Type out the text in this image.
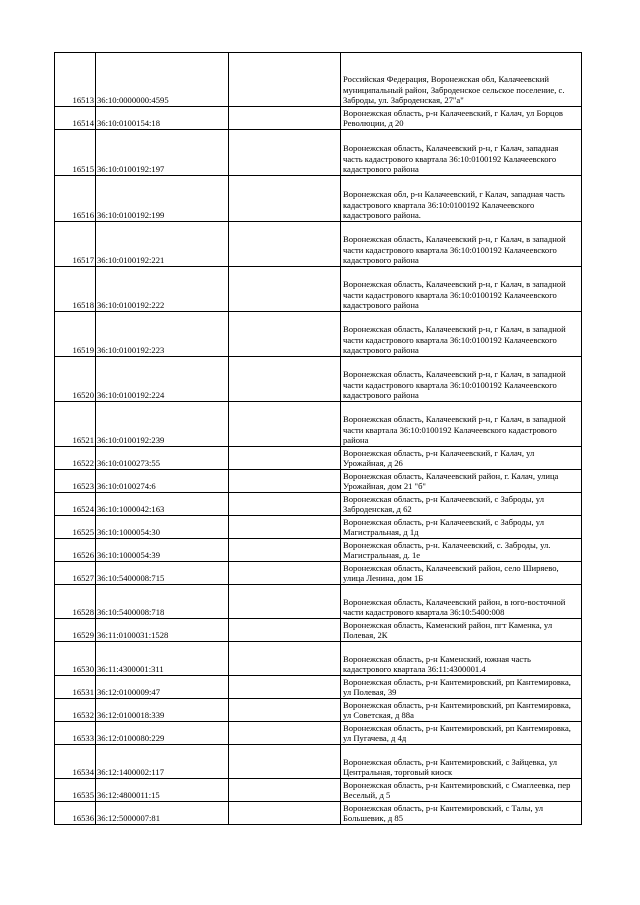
16513	36:10:0000000:4595		Российская Федерация, Воронежская обл, Калачеевский муниципальный район, Заброденское сельское поселение, с. Заброды, ул. Заброденская, 27"а"
16514	36:10:0100154:18		Воронежская область, р-н Калачеевский, г Калач, ул Борцов Революции, д 20
16515	36:10:0100192:197		Воронежская область, Калачеевский р-н, г Калач, западная часть кадастрового квартала 36:10:0100192 Калачеевского кадастрового района
16516	36:10:0100192:199		Воронежская обл, р-н Калачеевский, г Калач, западная часть кадастрового квартала 36:10:0100192 Калачеевского кадастрового района.
16517	36:10:0100192:221		Воронежская область, Калачеевский р-н, г Калач, в западной части кадастрового квартала 36:10:0100192 Калачеевского кадастрового района
16518	36:10:0100192:222		Воронежская область, Калачеевский р-н, г Калач, в западной части кадастрового квартала 36:10:0100192 Калачеевского кадастрового района
16519	36:10:0100192:223		Воронежская область, Калачеевский р-н, г Калач, в западной части кадастрового квартала 36:10:0100192 Калачеевского кадастрового района
16520	36:10:0100192:224		Воронежская область, Калачеевский р-н, г Калач, в западной части кадастрового квартала 36:10:0100192 Калачеевского кадастрового района
16521	36:10:0100192:239		Воронежская область, Калачеевский р-н, г Калач, в западной части квартала 36:10:0100192 Калачеевского кадастрового района
16522	36:10:0100273:55		Воронежская область, р-н Калачеевский, г Калач, ул Урожайная, д 26
16523	36:10:0100274:6		Воронежская область, Калачеевский район, г. Калач, улица Урожайная, дом 21 "б"
16524	36:10:1000042:163		Воронежская область, р-н Калачеевский, с Заброды, ул Заброденская, д 62
16525	36:10:1000054:30		Воронежская область, р-н Калачеевский, с Заброды, ул Магистральная, д 1д
16526	36:10:1000054:39		Воронежская область, р-н. Калачеевский, с. Заброды, ул. Магистральная, д. 1е
16527	36:10:5400008:715		Воронежская область, Калачеевский район, село Ширяево, улица Ленина, дом 1Б
16528	36:10:5400008:718		Воронежская область, Калачеевский район, в юго-восточной части кадастрового квартала 36:10:5400:008
16529	36:11:0100031:1528		Воронежская область, Каменский район, пгт Каменка, ул Полевая, 2К
16530	36:11:4300001:311		Воронежская область, р-н Каменский, южная часть кадастрового квартала 36:11:4300001.4
16531	36:12:0100009:47		Воронежская область, р-н Кантемировский, рп Кантемировка, ул Полевая, 39
16532	36:12:0100018:339		Воронежская область, р-н Кантемировский, рп Кантемировка, ул Советская, д 88а
16533	36:12:0100080:229		Воронежская область, р-н Кантемировский, рп Кантемировка, ул Пугачева, д 4д
16534	36:12:1400002:117		Воронежская область, р-н Кантемировский, с Зайцевка, ул Центральная, торговый киоск
16535	36:12:4800011:15		Воронежская область, р-н Кантемировский, с Смаглеевка, пер Веселый, д 5
16536	36:12:5000007:81		Воронежская область, р-н Кантемировский, с Талы, ул Большевик, д 85
